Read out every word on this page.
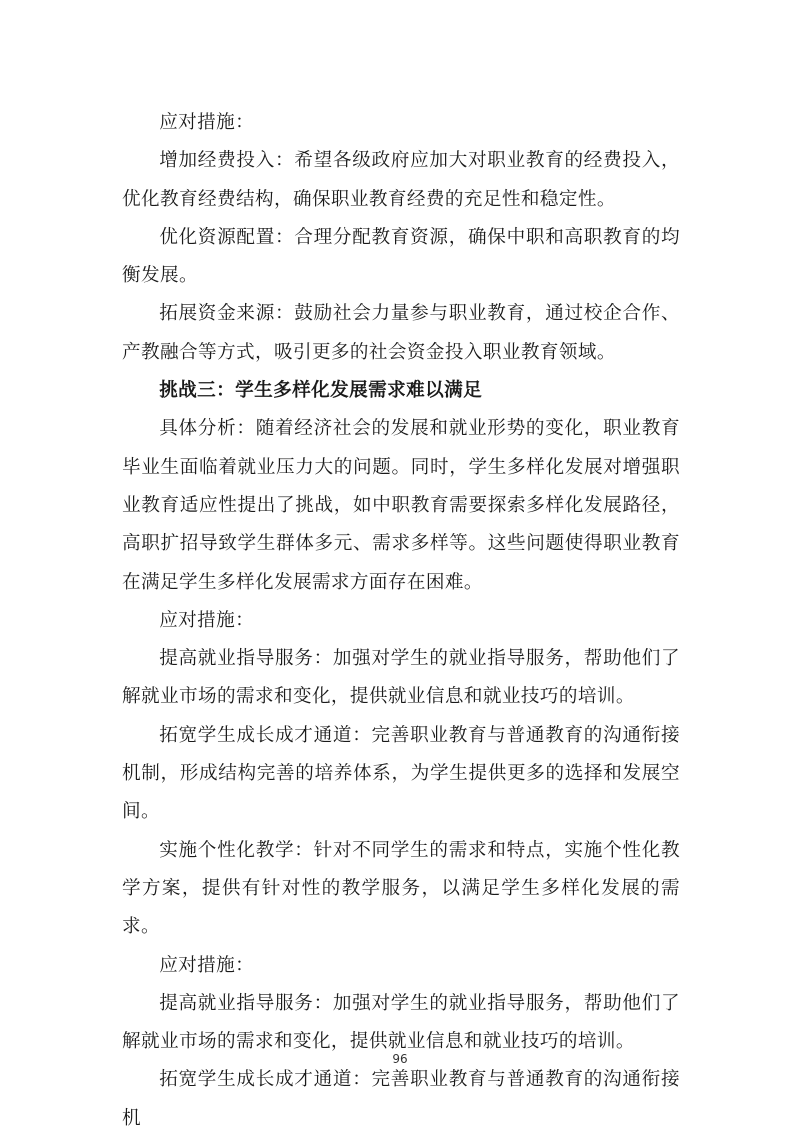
应对措施：

增加经费投入：希望各级政府应加大对职业教育的经费投入，优化教育经费结构，确保职业教育经费的充足性和稳定性。

优化资源配置：合理分配教育资源，确保中职和高职教育的均衡发展。

拓展资金来源：鼓励社会力量参与职业教育，通过校企合作、产教融合等方式，吸引更多的社会资金投入职业教育领域。

挑战三：学生多样化发展需求难以满足

具体分析：随着经济社会的发展和就业形势的变化，职业教育毕业生面临着就业压力大的问题。同时，学生多样化发展对增强职业教育适应性提出了挑战，如中职教育需要探索多样化发展路径，高职扩招导致学生群体多元、需求多样等。这些问题使得职业教育在满足学生多样化发展需求方面存在困难。

应对措施：

提高就业指导服务：加强对学生的就业指导服务，帮助他们了解就业市场的需求和变化，提供就业信息和就业技巧的培训。

拓宽学生成长成才通道：完善职业教育与普通教育的沟通衔接机制，形成结构完善的培养体系，为学生提供更多的选择和发展空间。

实施个性化教学：针对不同学生的需求和特点，实施个性化教学方案，提供有针对性的教学服务，以满足学生多样化发展的需求。

应对措施：

提高就业指导服务：加强对学生的就业指导服务，帮助他们了解就业市场的需求和变化，提供就业信息和就业技巧的培训。

拓宽学生成长成才通道：完善职业教育与普通教育的沟通衔接机

96
